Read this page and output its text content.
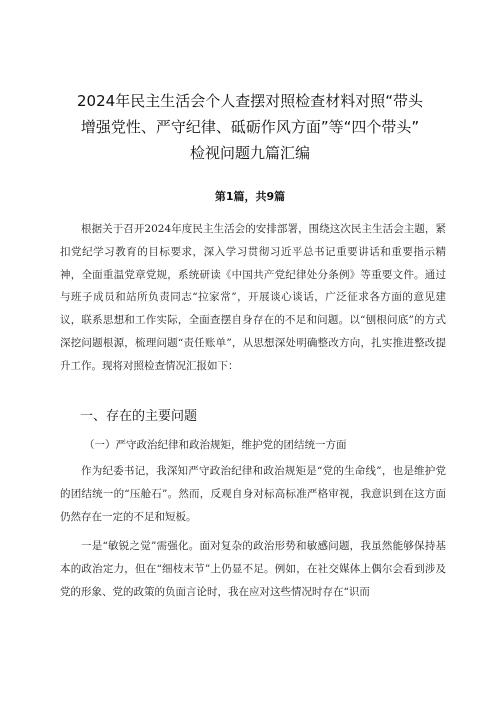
2024年民主生活会个人查摆对照检查材料对照“带头
增强党性、严守纪律、砥砺作风方面”等“四个带头”
检视问题九篇汇编
第1篇，共9篇

根据关于召开2024年度民主生活会的安排部署，围绕这次民主生活会主题，紧扣党纪学习教育的目标要求，深入学习贯彻习近平总书记重要讲话和重要指示精神，全面重温党章党规，系统研读《中国共产党纪律处分条例》等重要文件。通过与班子成员和站所负责同志“拉家常”，开展谈心谈话，广泛征求各方面的意见建议，联系思想和工作实际，全面查摆自身存在的不足和问题。以“刨根问底”的方式深挖问题根源，梳理问题“责任账单”，从思想深处明确整改方向，扎实推进整改提升工作。现将对照检查情况汇报如下：

一、存在的主要问题
（一）严守政治纪律和政治规矩，维护党的团结统一方面

作为纪委书记，我深知严守政治纪律和政治规矩是“党的生命线”，也是维护党的团结统一的“压舱石”。然而，反观自身对标高标准严格审视，我意识到在这方面仍然存在一定的不足和短板。

一是“敏锐之觉”需强化。面对复杂的政治形势和敏感问题，我虽然能够保持基本的政治定力，但在“细枝末节”上仍显不足。例如，在社交媒体上偶尔会看到涉及党的形象、党的政策的负面言论时，我在应对这些情况时存在“识而
